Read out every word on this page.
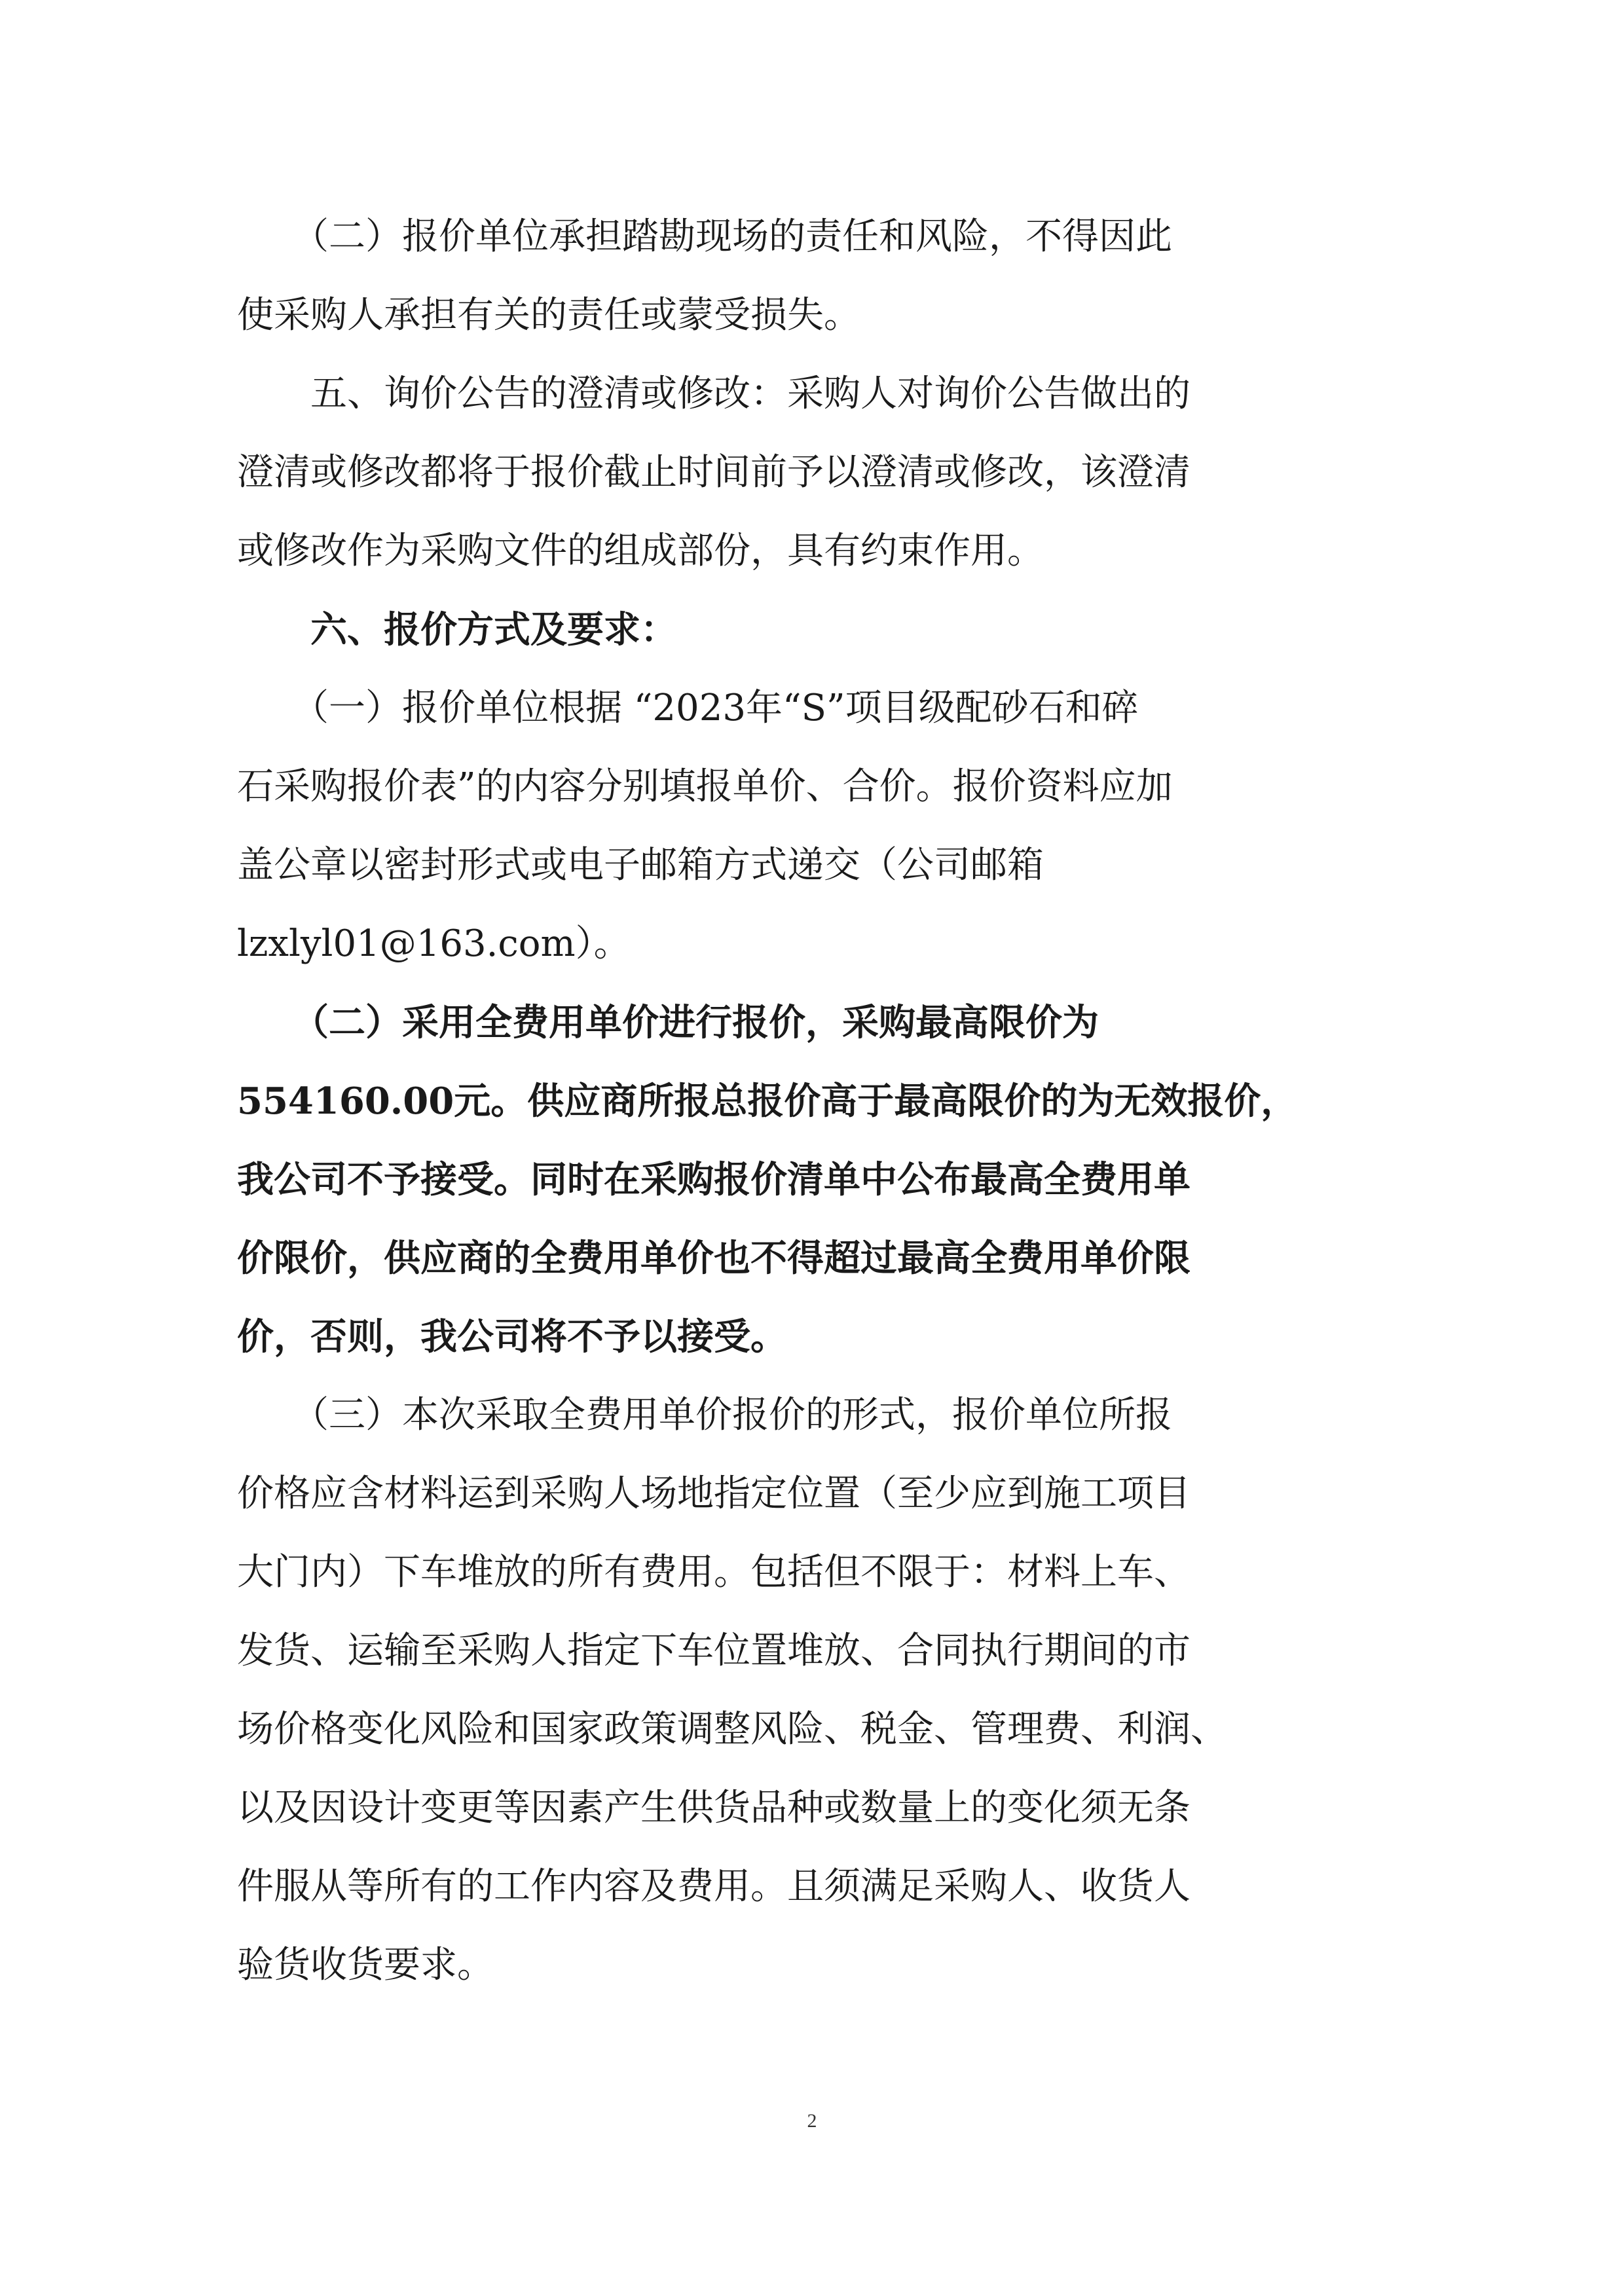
　　（二）报价单位承担踏勘现场的责任和风险，不得因此

使采购人承担有关的责任或蒙受损失。

　　五、询价公告的澄清或修改：采购人对询价公告做出的

澄清或修改都将于报价截止时间前予以澄清或修改，该澄清

或修改作为采购文件的组成部份，具有约束作用。

　　六、报价方式及要求：

　　（一）报价单位根据 “2023年“S”项目级配砂石和碎

石采购报价表”的内容分别填报单价、合价。报价资料应加

盖公章以密封形式或电子邮箱方式递交（公司邮箱

lzxlyl01@163.com）。

　　（二）采用全费用单价进行报价，采购最高限价为

554160.00元。供应商所报总报价高于最高限价的为无效报价，

我公司不予接受。同时在采购报价清单中公布最高全费用单

价限价，供应商的全费用单价也不得超过最高全费用单价限

价，否则，我公司将不予以接受。

　　（三）本次采取全费用单价报价的形式，报价单位所报

价格应含材料运到采购人场地指定位置（至少应到施工项目

大门内）下车堆放的所有费用。包括但不限于：材料上车、

发货、运输至采购人指定下车位置堆放、合同执行期间的市

场价格变化风险和国家政策调整风险、税金、管理费、利润、

以及因设计变更等因素产生供货品种或数量上的变化须无条

件服从等所有的工作内容及费用。且须满足采购人、收货人

验货收货要求。

2
